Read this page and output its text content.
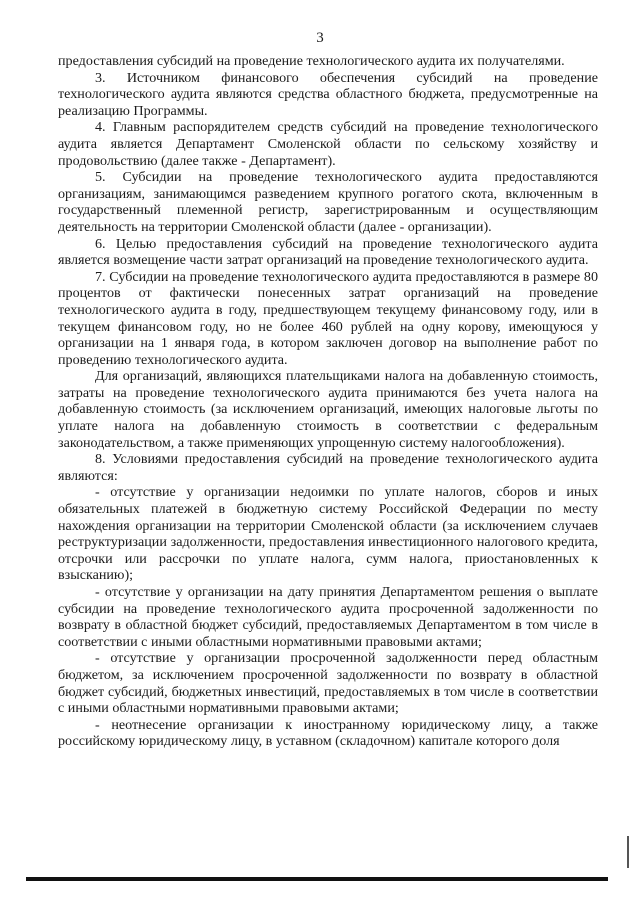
3

предоставления субсидий на проведение технологического аудита их получателями.

3. Источником финансового обеспечения субсидий на проведение технологического аудита являются средства областного бюджета, предусмотренные на реализацию Программы.

4. Главным распорядителем средств субсидий на проведение технологического аудита является Департамент Смоленской области по сельскому хозяйству и продовольствию (далее также - Департамент).

5. Субсидии на проведение технологического аудита предоставляются организациям, занимающимся разведением крупного рогатого скота, включенным в государственный племенной регистр, зарегистрированным и осуществляющим деятельность на территории Смоленской области (далее - организации).

6. Целью предоставления субсидий на проведение технологического аудита является возмещение части затрат организаций на проведение технологического аудита.

7. Субсидии на проведение технологического аудита предоставляются в размере 80 процентов от фактически понесенных затрат организаций на проведение технологического аудита в году, предшествующем текущему финансовому году, или в текущем финансовом году, но не более 460 рублей на одну корову, имеющуюся у организации на 1 января года, в котором заключен договор на выполнение работ по проведению технологического аудита.

Для организаций, являющихся плательщиками налога на добавленную стоимость, затраты на проведение технологического аудита принимаются без учета налога на добавленную стоимость (за исключением организаций, имеющих налоговые льготы по уплате налога на добавленную стоимость в соответствии с федеральным законодательством, а также применяющих упрощенную систему налогообложения).

8. Условиями предоставления субсидий на проведение технологического аудита являются:

- отсутствие у организации недоимки по уплате налогов, сборов и иных обязательных платежей в бюджетную систему Российской Федерации по месту нахождения организации на территории Смоленской области (за исключением случаев реструктуризации задолженности, предоставления инвестиционного налогового кредита, отсрочки или рассрочки по уплате налога, сумм налога, приостановленных к взысканию);

- отсутствие у организации на дату принятия Департаментом решения о выплате субсидии на проведение технологического аудита просроченной задолженности по возврату в областной бюджет субсидий, предоставляемых Департаментом в том числе в соответствии с иными областными нормативными правовыми актами;

- отсутствие у организации просроченной задолженности перед областным бюджетом, за исключением просроченной задолженности по возврату в областной бюджет субсидий, бюджетных инвестиций, предоставляемых в том числе в соответствии с иными областными нормативными правовыми актами;

- неотнесение организации к иностранному юридическому лицу, а также российскому юридическому лицу, в уставном (складочном) капитале которого доля
